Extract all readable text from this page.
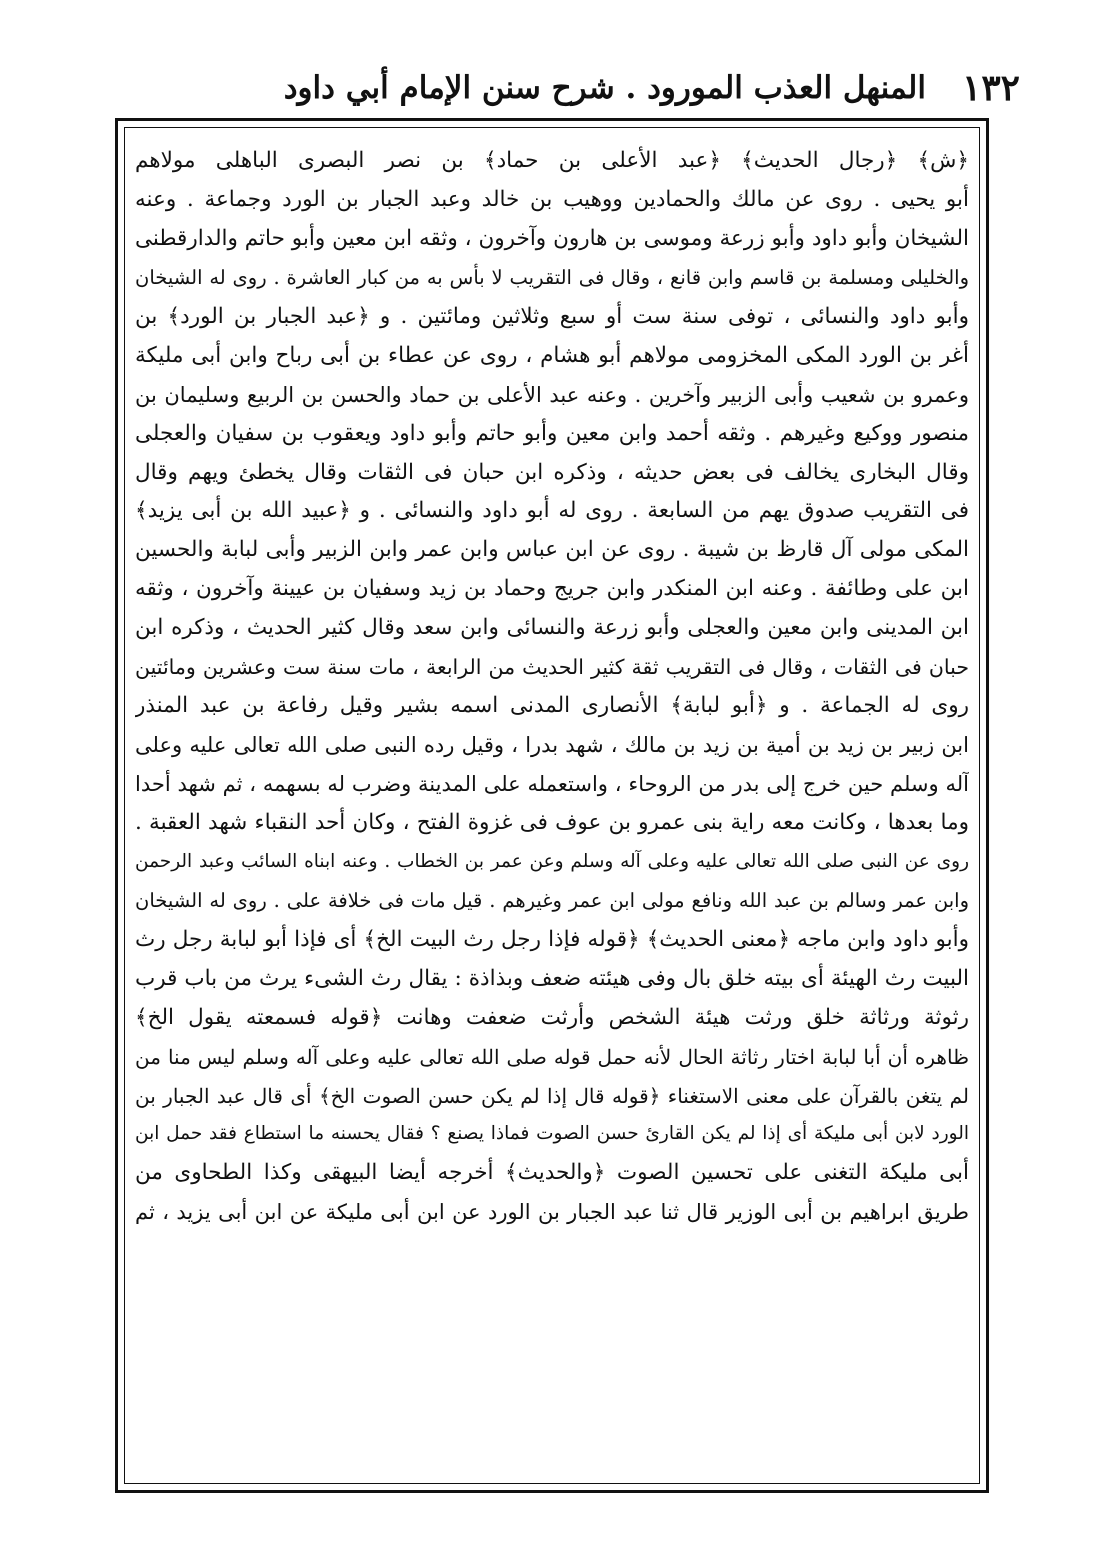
١٣٢
المنهل العذب المورود . شرح سنن الإمام أبي داود
﴿ش﴾ ﴿رجال الحديث﴾ ﴿عبد الأعلى بن حماد﴾ بن نصر البصرى الباهلى مولاهم
أبو يحيى . روى عن مالك والحمادين ووهيب بن خالد وعبد الجبار بن الورد وجماعة . وعنه
الشيخان وأبو داود وأبو زرعة وموسى بن هارون وآخرون ، وثقه ابن معين وأبو حاتم والدارقطنى
والخليلى ومسلمة بن قاسم وابن قانع ، وقال فى التقريب لا بأس به من كبار العاشرة . روى له الشيخان
وأبو داود والنسائى ، توفى سنة ست أو سبع وثلاثين ومائتين . و ﴿عبد الجبار بن الورد﴾ بن
أغر بن الورد المكى المخزومى مولاهم أبو هشام ، روى عن عطاء بن أبى رباح وابن أبى مليكة
وعمرو بن شعيب وأبى الزبير وآخرين . وعنه عبد الأعلى بن حماد والحسن بن الربيع وسليمان بن
منصور ووكيع وغيرهم . وثقه أحمد وابن معين وأبو حاتم وأبو داود ويعقوب بن سفيان والعجلى
وقال البخارى يخالف فى بعض حديثه ، وذكره ابن حبان فى الثقات وقال يخطئ ويهم وقال
فى التقريب صدوق يهم من السابعة . روى له أبو داود والنسائى . و ﴿عبيد الله بن أبى يزيد﴾
المكى مولى آل قارظ بن شيبة . روى عن ابن عباس وابن عمر وابن الزبير وأبى لبابة والحسين
ابن على وطائفة . وعنه ابن المنكدر وابن جريج وحماد بن زيد وسفيان بن عيينة وآخرون ، وثقه
ابن المدينى وابن معين والعجلى وأبو زرعة والنسائى وابن سعد وقال كثير الحديث ، وذكره ابن
حبان فى الثقات ، وقال فى التقريب ثقة كثير الحديث من الرابعة ، مات سنة ست وعشرين ومائتين
روى له الجماعة . و ﴿أبو لبابة﴾ الأنصارى المدنى اسمه بشير وقيل رفاعة بن عبد المنذر
ابن زبير بن زيد بن أمية بن زيد بن مالك ، شهد بدرا ، وقيل رده النبى صلى الله تعالى عليه وعلى
آله وسلم حين خرج إلى بدر من الروحاء ، واستعمله على المدينة وضرب له بسهمه ، ثم شهد أحدا
وما بعدها ، وكانت معه راية بنى عمرو بن عوف فى غزوة الفتح ، وكان أحد النقباء شهد العقبة .
روى عن النبى صلى الله تعالى عليه وعلى آله وسلم وعن عمر بن الخطاب . وعنه ابناه السائب وعبد الرحمن
وابن عمر وسالم بن عبد الله ونافع مولى ابن عمر وغيرهم . قيل مات فى خلافة على . روى له الشيخان
وأبو داود وابن ماجه ﴿معنى الحديث﴾ ﴿قوله فإذا رجل رث البيت الخ﴾ أى فإذا أبو لبابة رجل رث
البيت رث الهيئة أى بيته خلق بال وفى هيئته ضعف وبذاذة : يقال رث الشىء يرث من باب قرب
رثوثة ورثاثة خلق ورثت هيئة الشخص وأرثت ضعفت وهانت ﴿قوله فسمعته يقول الخ﴾
ظاهره أن أبا لبابة اختار رثاثة الحال لأنه حمل قوله صلى الله تعالى عليه وعلى آله وسلم ليس منا من
لم يتغن بالقرآن على معنى الاستغناء ﴿قوله قال إذا لم يكن حسن الصوت الخ﴾ أى قال عبد الجبار بن
الورد لابن أبى مليكة أى إذا لم يكن القارئ حسن الصوت فماذا يصنع ؟ فقال يحسنه ما استطاع فقد حمل ابن
أبى مليكة التغنى على تحسين الصوت ﴿والحديث﴾ أخرجه أيضا البيهقى وكذا الطحاوى من
طريق ابراهيم بن أبى الوزير قال ثنا عبد الجبار بن الورد عن ابن أبى مليكة عن ابن أبى يزيد ، ثم
